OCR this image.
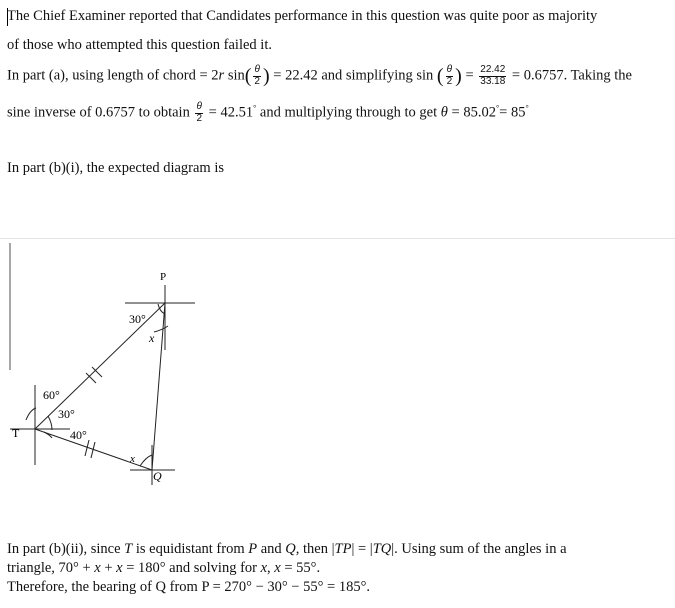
The Chief Examiner reported that Candidates performance in this question was quite poor as majority
of those who attempted this question failed it.
In part (a), using length of chord = 2r $\sin( \frac{\theta}{2}$ ) = 22.42 and simplifying sin ( $\frac{\theta}{2}$ ) = $\frac{22.42}{33.18} = 0.6757$. Taking the
sine inverse of 0.6757 to obtain $\frac{\theta}{2} = 42.51^\circ$ and multiplying through to get θ = 85.02°= 85°
In part (b)(i), the expected diagram is
P
T
Q
30°
x
60°
30°
40°
x
In part (b)(ii), since T is equidistant from P and Q, then |TP| = |TQ|. Using sum of the angles in a
triangle, 70° + x + x = 180° and solving for x, x = 55°.
Therefore, the bearing of Q from P = 270° − 30° − 55° = 185°.
